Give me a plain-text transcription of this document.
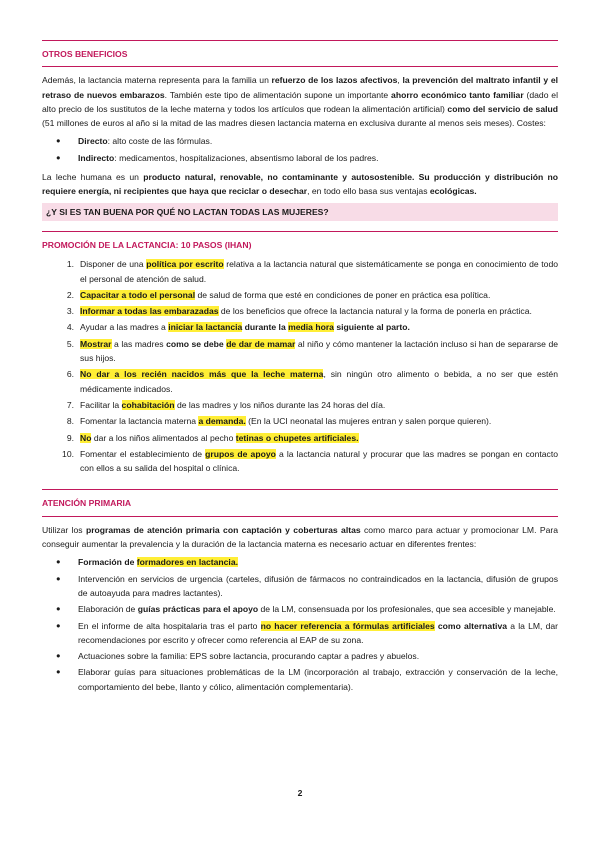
OTROS BENEFICIOS

Además, la lactancia materna representa para la familia un refuerzo de los lazos afectivos, la prevención del maltrato infantil y el retraso de nuevos embarazos. También este tipo de alimentación supone un importante ahorro económico tanto familiar (dado el alto precio de los sustitutos de la leche materna y todos los artículos que rodean la alimentación artificial) como del servicio de salud (51 millones de euros al año si la mitad de las madres diesen lactancia materna en exclusiva durante al menos seis meses). Costes:

● Directo: alto coste de las fórmulas.
● Indirecto: medicamentos, hospitalizaciones, absentismo laboral de los padres.

La leche humana es un producto natural, renovable, no contaminante y autosostenible. Su producción y distribución no requiere energía, ni recipientes que haya que reciclar o desechar, en todo ello basa sus ventajas ecológicas.

¿Y SI ES TAN BUENA POR QUÉ NO LACTAN TODAS LAS MUJERES?
PROMOCIÓN DE LA LACTANCIA: 10 PASOS (IHAN)
1. Disponer de una política por escrito relativa a la lactancia natural que sistemáticamente se ponga en conocimiento de todo el personal de atención de salud.
2. Capacitar a todo el personal de salud de forma que esté en condiciones de poner en práctica esa política.
3. Informar a todas las embarazadas de los beneficios que ofrece la lactancia natural y la forma de ponerla en práctica.
4. Ayudar a las madres a iniciar la lactancia durante la media hora siguiente al parto.
5. Mostrar a las madres como se debe de dar de mamar al niño y cómo mantener la lactación incluso si han de separarse de sus hijos.
6. No dar a los recién nacidos más que la leche materna, sin ningún otro alimento o bebida, a no ser que estén médicamente indicados.
7. Facilitar la cohabitación de las madres y los niños durante las 24 horas del día.
8. Fomentar la lactancia materna a demanda. (En la UCI neonatal las mujeres entran y salen porque quieren).
9. No dar a los niños alimentados al pecho tetinas o chupetes artificiales.
10. Fomentar el establecimiento de grupos de apoyo a la lactancia natural y procurar que las madres se pongan en contacto con ellos a su salida del hospital o clínica.
ATENCIÓN PRIMARIA

Utilizar los programas de atención primaria con captación y coberturas altas como marco para actuar y promocionar LM. Para conseguir aumentar la prevalencia y la duración de la lactancia materna es necesario actuar en diferentes frentes:

● Formación de formadores en lactancia.
● Intervención en servicios de urgencia (carteles, difusión de fármacos no contraindicados en la lactancia, difusión de grupos de autoayuda para madres lactantes).
● Elaboración de guías prácticas para el apoyo de la LM, consensuada por los profesionales, que sea accesible y manejable.
● En el informe de alta hospitalaria tras el parto no hacer referencia a fórmulas artificiales como alternativa a la LM, dar recomendaciones por escrito y ofrecer como referencia al EAP de su zona.
● Actuaciones sobre la familia: EPS sobre lactancia, procurando captar a padres y abuelos.
● Elaborar guías para situaciones problemáticas de la LM (incorporación al trabajo, extracción y conservación de la leche, comportamiento del bebe, llanto y cólico, alimentación complementaria).
2
